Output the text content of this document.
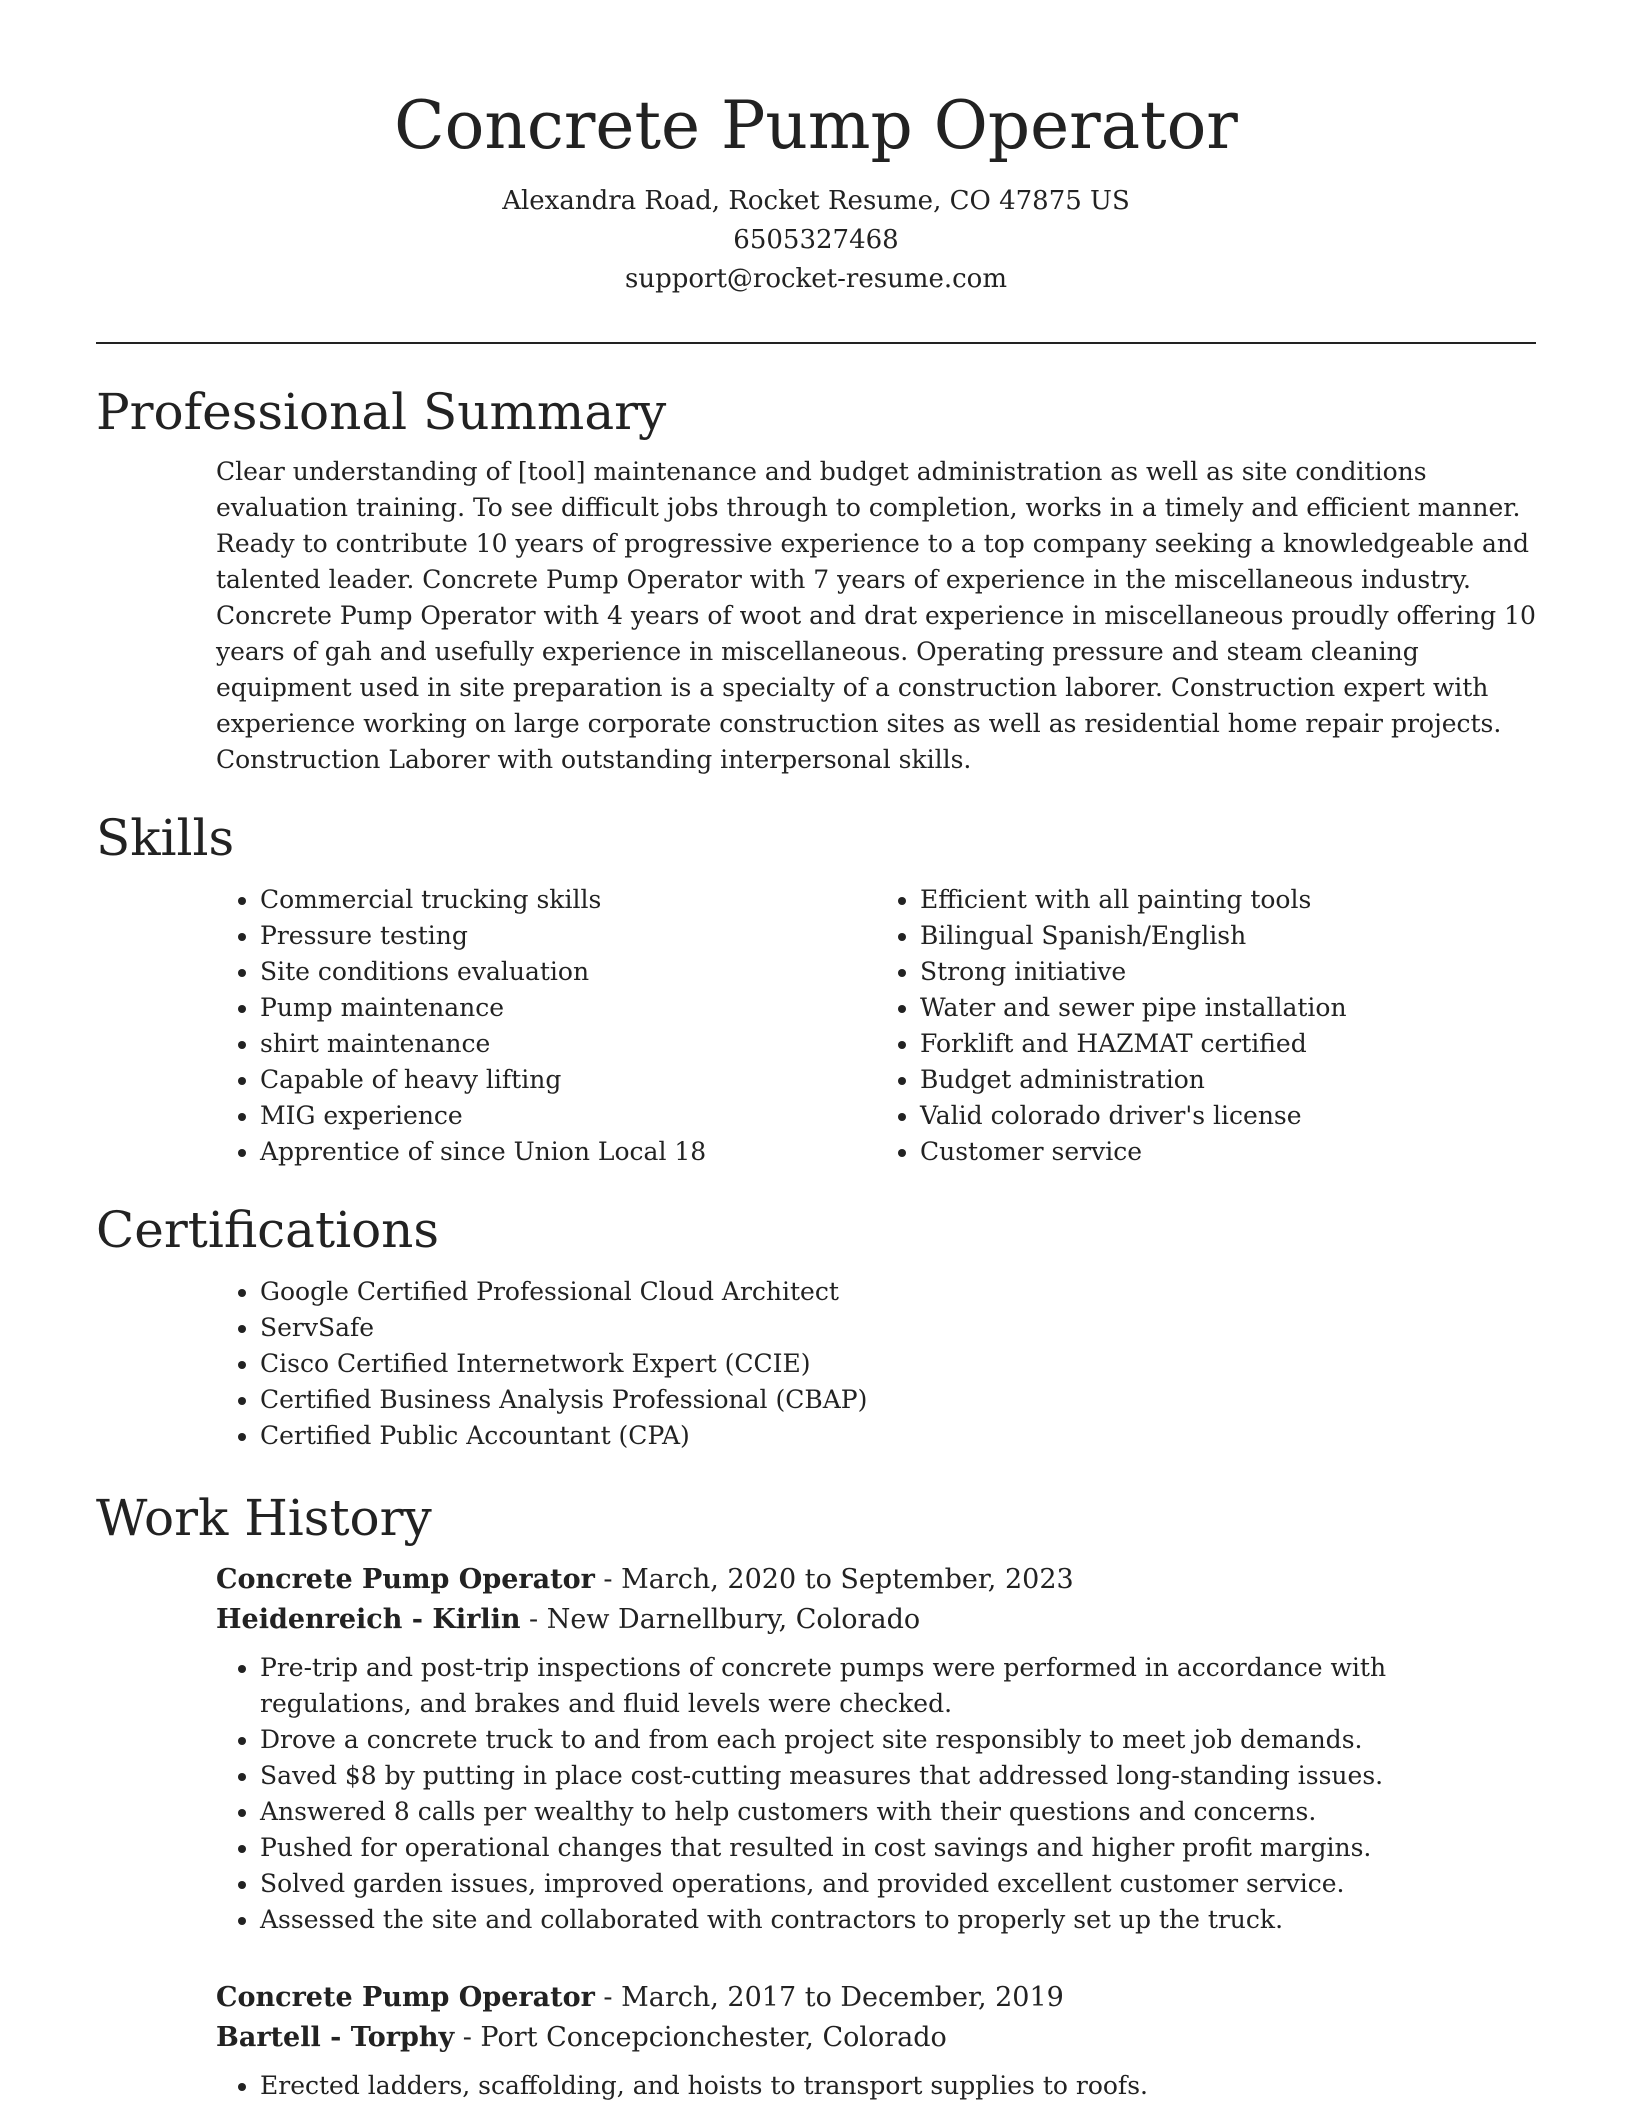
Concrete Pump Operator
Alexandra Road, Rocket Resume, CO 47875 US
6505327468
support@rocket-resume.com
Professional Summary

Clear understanding of [tool] maintenance and budget administration as well as site conditions evaluation training. To see difficult jobs through to completion, works in a timely and efficient manner. Ready to contribute 10 years of progressive experience to a top company seeking a knowledgeable and talented leader. Concrete Pump Operator with 7 years of experience in the miscellaneous industry. Concrete Pump Operator with 4 years of woot and drat experience in miscellaneous proudly offering 10 years of gah and usefully experience in miscellaneous. Operating pressure and steam cleaning equipment used in site preparation is a specialty of a construction laborer. Construction expert with experience working on large corporate construction sites as well as residential home repair projects. Construction Laborer with outstanding interpersonal skills.

Skills
• Commercial trucking skills
• Pressure testing
• Site conditions evaluation
• Pump maintenance
• shirt maintenance
• Capable of heavy lifting
• MIG experience
• Apprentice of since Union Local 18
• Efficient with all painting tools
• Bilingual Spanish/English
• Strong initiative
• Water and sewer pipe installation
• Forklift and HAZMAT certified
• Budget administration
• Valid colorado driver's license
• Customer service
Certifications
• Google Certified Professional Cloud Architect
• ServSafe
• Cisco Certified Internetwork Expert (CCIE)
• Certified Business Analysis Professional (CBAP)
• Certified Public Accountant (CPA)
Work History
Concrete Pump Operator - March, 2020 to September, 2023
Heidenreich - Kirlin - New Darnellbury, Colorado
• Pre-trip and post-trip inspections of concrete pumps were performed in accordance with regulations, and brakes and fluid levels were checked.
• Drove a concrete truck to and from each project site responsibly to meet job demands.
• Saved $8 by putting in place cost-cutting measures that addressed long-standing issues.
• Answered 8 calls per wealthy to help customers with their questions and concerns.
• Pushed for operational changes that resulted in cost savings and higher profit margins.
• Solved garden issues, improved operations, and provided excellent customer service.
• Assessed the site and collaborated with contractors to properly set up the truck.
Concrete Pump Operator - March, 2017 to December, 2019
Bartell - Torphy - Port Concepcionchester, Colorado
• Erected ladders, scaffolding, and hoists to transport supplies to roofs.
